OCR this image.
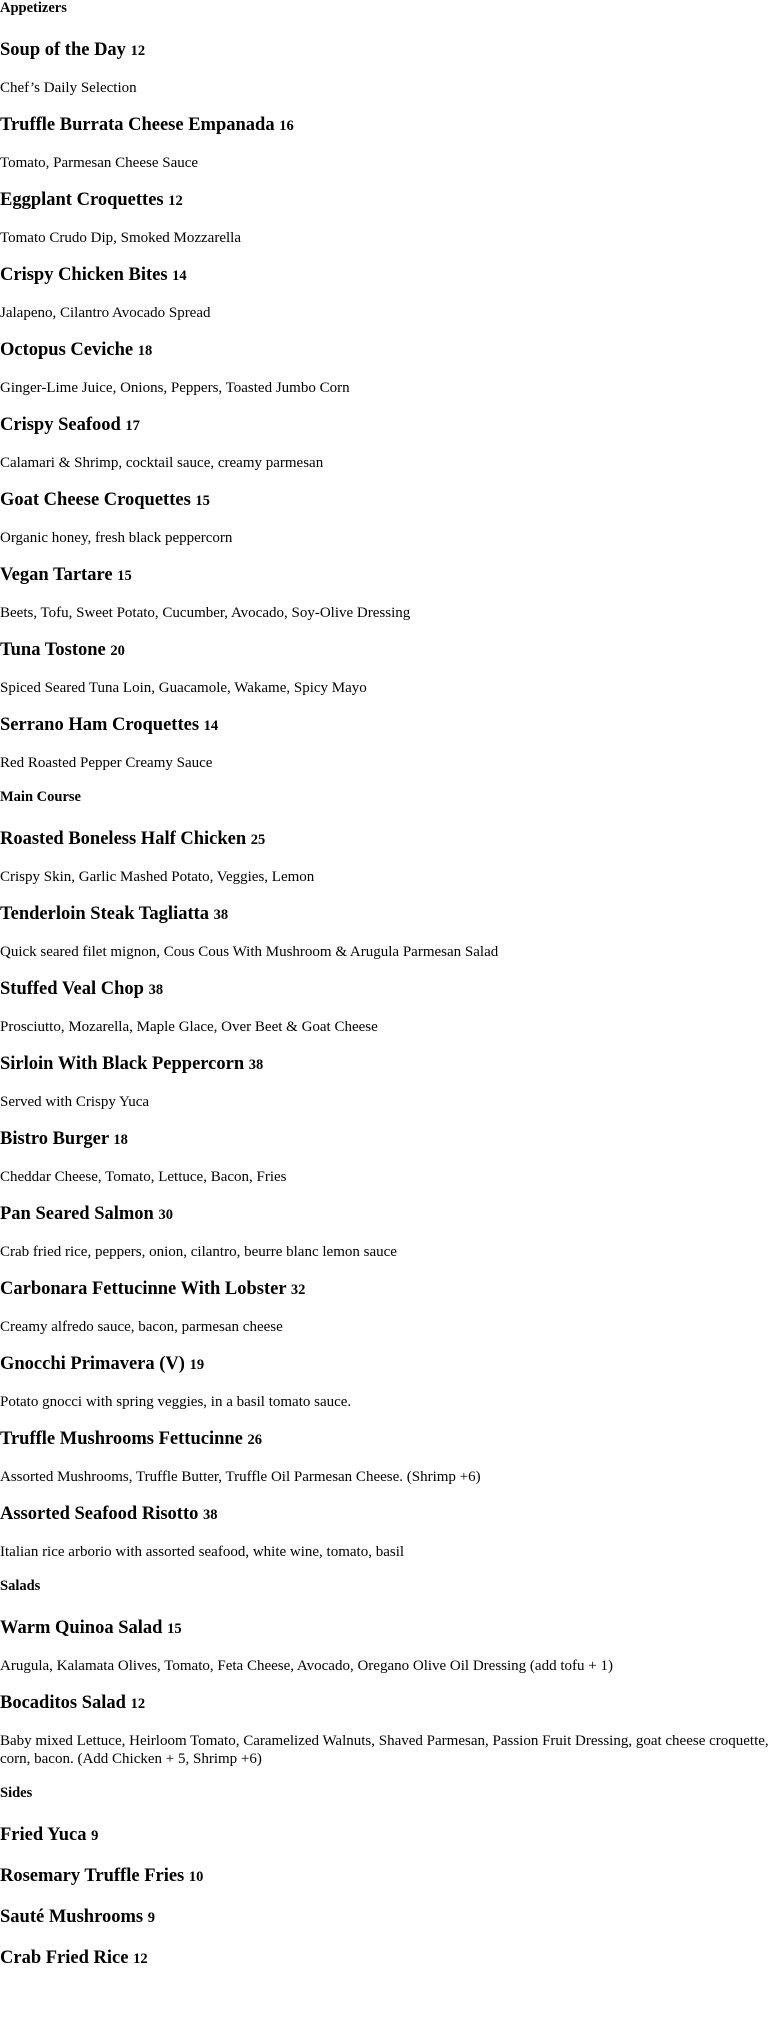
Appetizers
Soup of the Day 12
Chef’s Daily Selection
Truffle Burrata Cheese Empanada 16
Tomato, Parmesan Cheese Sauce
Eggplant Croquettes 12
Tomato Crudo Dip, Smoked Mozzarella
Crispy Chicken Bites 14
Jalapeno, Cilantro Avocado Spread
Octopus Ceviche 18
Ginger-Lime Juice, Onions, Peppers, Toasted Jumbo Corn
Crispy Seafood 17
Calamari & Shrimp, cocktail sauce, creamy parmesan
Goat Cheese Croquettes 15
Organic honey, fresh black peppercorn
Vegan Tartare 15
Beets, Tofu, Sweet Potato, Cucumber, Avocado, Soy-Olive Dressing
Tuna Tostone 20
Spiced Seared Tuna Loin, Guacamole, Wakame, Spicy Mayo
Serrano Ham Croquettes 14
Red Roasted Pepper Creamy Sauce
Main Course
Roasted Boneless Half Chicken 25
Crispy Skin, Garlic Mashed Potato, Veggies, Lemon
Tenderloin Steak Tagliatta 38
Quick seared filet mignon, Cous Cous With Mushroom & Arugula Parmesan Salad
Stuffed Veal Chop 38
Prosciutto, Mozarella, Maple Glace, Over Beet & Goat Cheese
Sirloin With Black Peppercorn 38
Served with Crispy Yuca
Bistro Burger 18
Cheddar Cheese, Tomato, Lettuce, Bacon, Fries
Pan Seared Salmon 30
Crab fried rice, peppers, onion, cilantro, beurre blanc lemon sauce
Carbonara Fettucinne With Lobster 32
Creamy alfredo sauce, bacon, parmesan cheese
Gnocchi Primavera (V) 19
Potato gnocci with spring veggies, in a basil tomato sauce.
Truffle Mushrooms Fettucinne 26
Assorted Mushrooms, Truffle Butter, Truffle Oil Parmesan Cheese. (Shrimp +6)
Assorted Seafood Risotto 38
Italian rice arborio with assorted seafood, white wine, tomato, basil
Salads
Warm Quinoa Salad 15
Arugula, Kalamata Olives, Tomato, Feta Cheese, Avocado, Oregano Olive Oil Dressing (add tofu + 1)
Bocaditos Salad 12
Baby mixed Lettuce, Heirloom Tomato, Caramelized Walnuts, Shaved Parmesan, Passion Fruit Dressing, goat cheese croquette, corn, bacon. (Add Chicken + 5, Shrimp +6)
Sides
Fried Yuca 9
Rosemary Truffle Fries 10
Sauté Mushrooms 9
Crab Fried Rice 12
